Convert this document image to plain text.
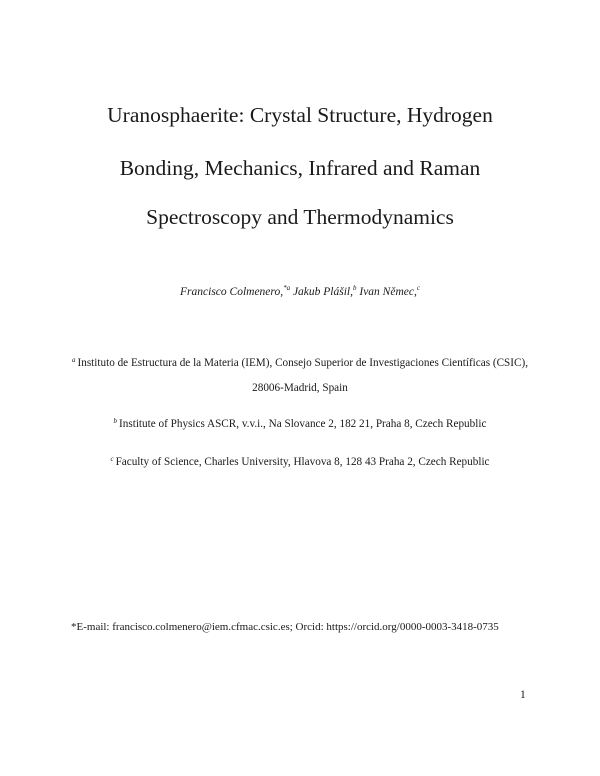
Uranosphaerite: Crystal Structure, Hydrogen
Bonding, Mechanics, Infrared and Raman
Spectroscopy and Thermodynamics
Francisco Colmenero,$^{*a}$ Jakub Plášil,$^b$ Ivan Němec,$^c$
$^a$ Instituto de Estructura de la Materia (IEM), Consejo Superior de Investigaciones Científicas (CSIC),
28006-Madrid, Spain
$^b$ Institute of Physics ASCR, v.v.i., Na Slovance 2, 182 21, Praha 8, Czech Republic
$^c$ Faculty of Science, Charles University, Hlavova 8, 128 43 Praha 2, Czech Republic
*E-mail: francisco.colmenero@iem.cfmac.csic.es; Orcid: https://orcid.org/0000-0003-3418-0735
1
